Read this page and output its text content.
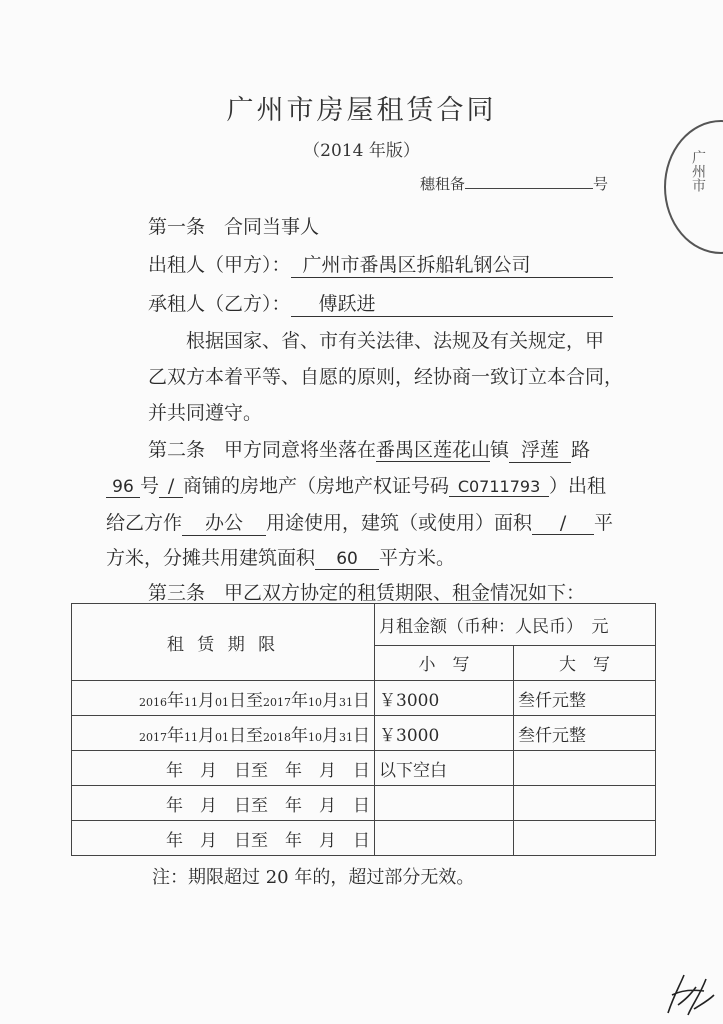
广州市房屋租赁合同
（2014 年版）
穗租备	号
第一条　合同当事人
出租人（甲方）： 广州市番禺区拆船轧钢公司
承租人（乙方）： 傅跃进
根据国家、省、市有关法律、法规及有关规定，甲
乙双方本着平等、自愿的原则，经协商一致订立本合同，
并共同遵守。
第二条　甲方同意将坐落在番禺区莲花山镇 浮莲 路
96 号 / 商铺的房地产（房地产权证号码 C0711793 ）出租
给乙方作 办公 用途使用，建筑（或使用）面积 / 平
方米，分摊共用建筑面积 60 平方米。
第三条　甲乙双方协定的租赁期限、租金情况如下：
租 赁 期 限	月租金额（币种：人民币）　元	
	小　写	大　写
2016年11月01日至2017年10月31日	￥3000	叁仟元整
2017年11月01日至2018年10月31日	￥3000	叁仟元整
年　 月　 日至　 年　 月　 日	以下空白	
年　 月　 日至　 年　 月　 日		
年　 月　 日至　 年　 月　 日		
注：期限超过 20 年的，超过部分无效。
广州市
